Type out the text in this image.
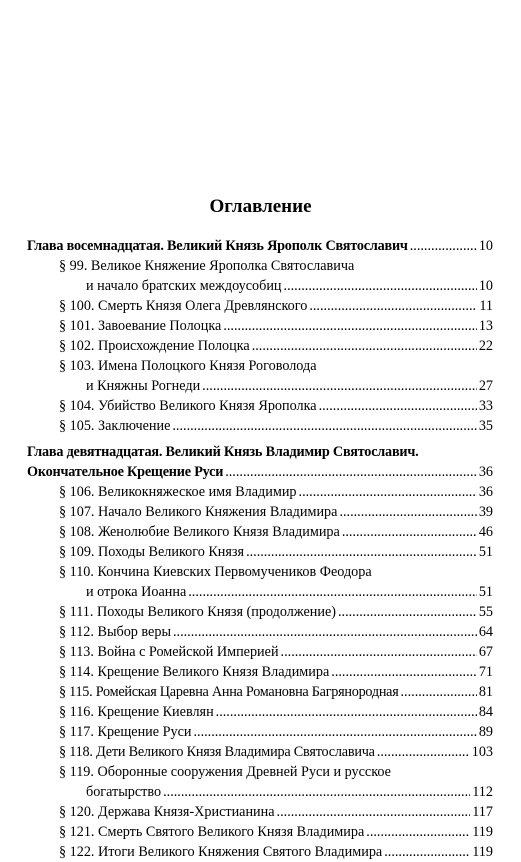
Оглавление
Глава восемнадцатая. Великий Князь Ярополк Святославич .....	10
§ 99. Великое Княжение Ярополка Святославича
и начало братских междоусобиц .....	10
§ 100. Смерть Князя Олега Древлянского .....	11
§ 101. Завоевание Полоцка .....	13
§ 102. Происхождение Полоцка .....	22
§ 103. Имена Полоцкого Князя Роговолода
и Княжны Рогнеди .....	27
§ 104. Убийство Великого Князя Ярополка .....	33
§ 105. Заключение .....	35
Глава девятнадцатая. Великий Князь Владимир Святославич.
Окончательное Крещение Руси .....	36
§ 106. Великокняжеское имя Владимир .....	36
§ 107. Начало Великого Княжения Владимира .....	39
§ 108. Женолюбие Великого Князя Владимира .....	46
§ 109. Походы Великого Князя .....	51
§ 110. Кончина Киевских Первомучеников Феодора
и отрока Иоанна .....	51
§ 111. Походы Великого Князя (продолжение) .....	55
§ 112. Выбор веры .....	64
§ 113. Война с Ромейской Империей .....	67
§ 114. Крещение Великого Князя Владимира .....	71
§ 115. Ромейская Царевна Анна Романовна Багрянородная .....	81
§ 116. Крещение Киевлян .....	84
§ 117. Крещение Руси .....	89
§ 118. Дети Великого Князя Владимира Святославича .....	103
§ 119. Оборонные сооружения Древней Руси и русское
богатырство .....	112
§ 120. Держава Князя-Христианина .....	117
§ 121. Смерть Святого Великого Князя Владимира .....	119
§ 122. Итоги Великого Княжения Святого Владимира .....	119
